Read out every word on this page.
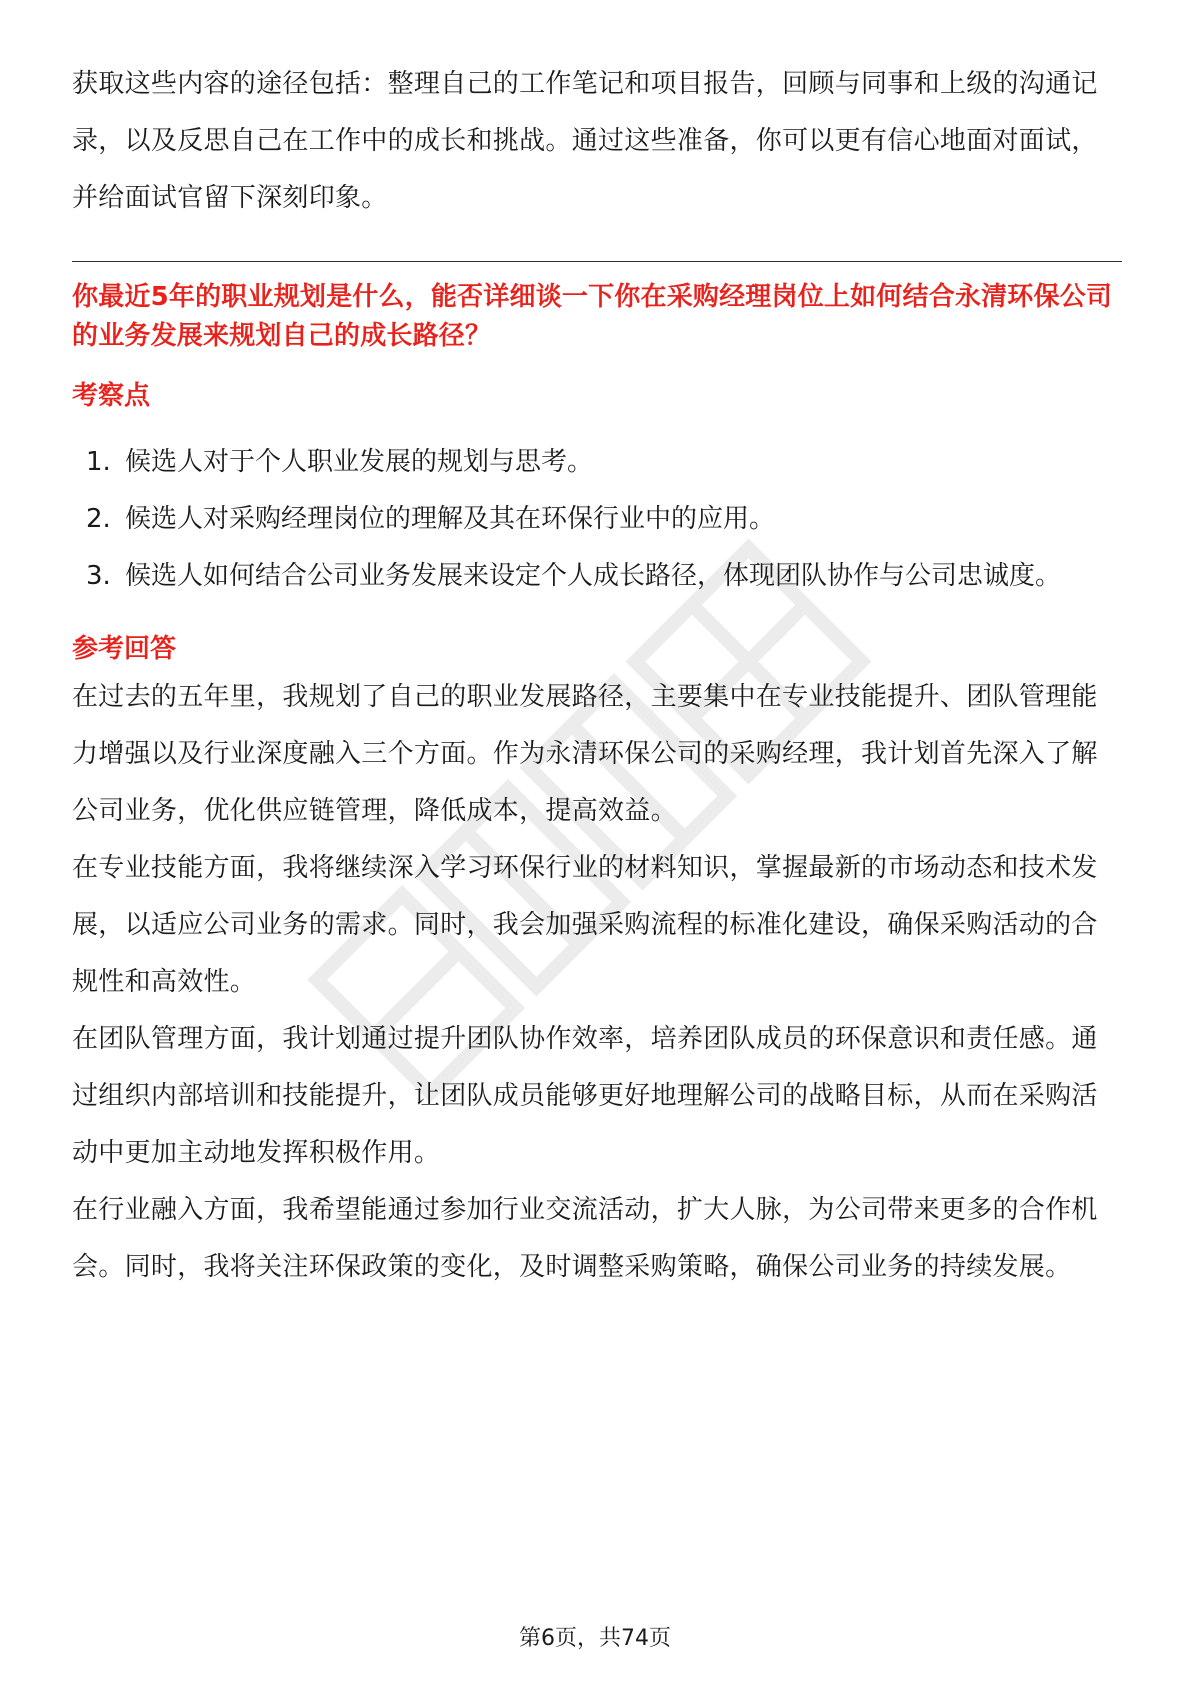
获取这些内容的途径包括：整理自己的工作笔记和项目报告，回顾与同事和上级的沟通记录，以及反思自己在工作中的成长和挑战。通过这些准备，你可以更有信心地面对面试，并给面试官留下深刻印象。

你最近5年的职业规划是什么，能否详细谈一下你在采购经理岗位上如何结合永清环保公司的业务发展来规划自己的成长路径？

考察点
1. 候选人对于个人职业发展的规划与思考。
2. 候选人对采购经理岗位的理解及其在环保行业中的应用。
3. 候选人如何结合公司业务发展来设定个人成长路径，体现团队协作与公司忠诚度。
参考回答

在过去的五年里，我规划了自己的职业发展路径，主要集中在专业技能提升、团队管理能力增强以及行业深度融入三个方面。作为永清环保公司的采购经理，我计划首先深入了解公司业务，优化供应链管理，降低成本，提高效益。

在专业技能方面，我将继续深入学习环保行业的材料知识，掌握最新的市场动态和技术发展，以适应公司业务的需求。同时，我会加强采购流程的标准化建设，确保采购活动的合规性和高效性。

在团队管理方面，我计划通过提升团队协作效率，培养团队成员的环保意识和责任感。通过组织内部培训和技能提升，让团队成员能够更好地理解公司的战略目标，从而在采购活动中更加主动地发挥积极作用。

在行业融入方面，我希望能通过参加行业交流活动，扩大人脉，为公司带来更多的合作机会。同时，我将关注环保政策的变化，及时调整采购策略，确保公司业务的持续发展。

第6页，共74页
